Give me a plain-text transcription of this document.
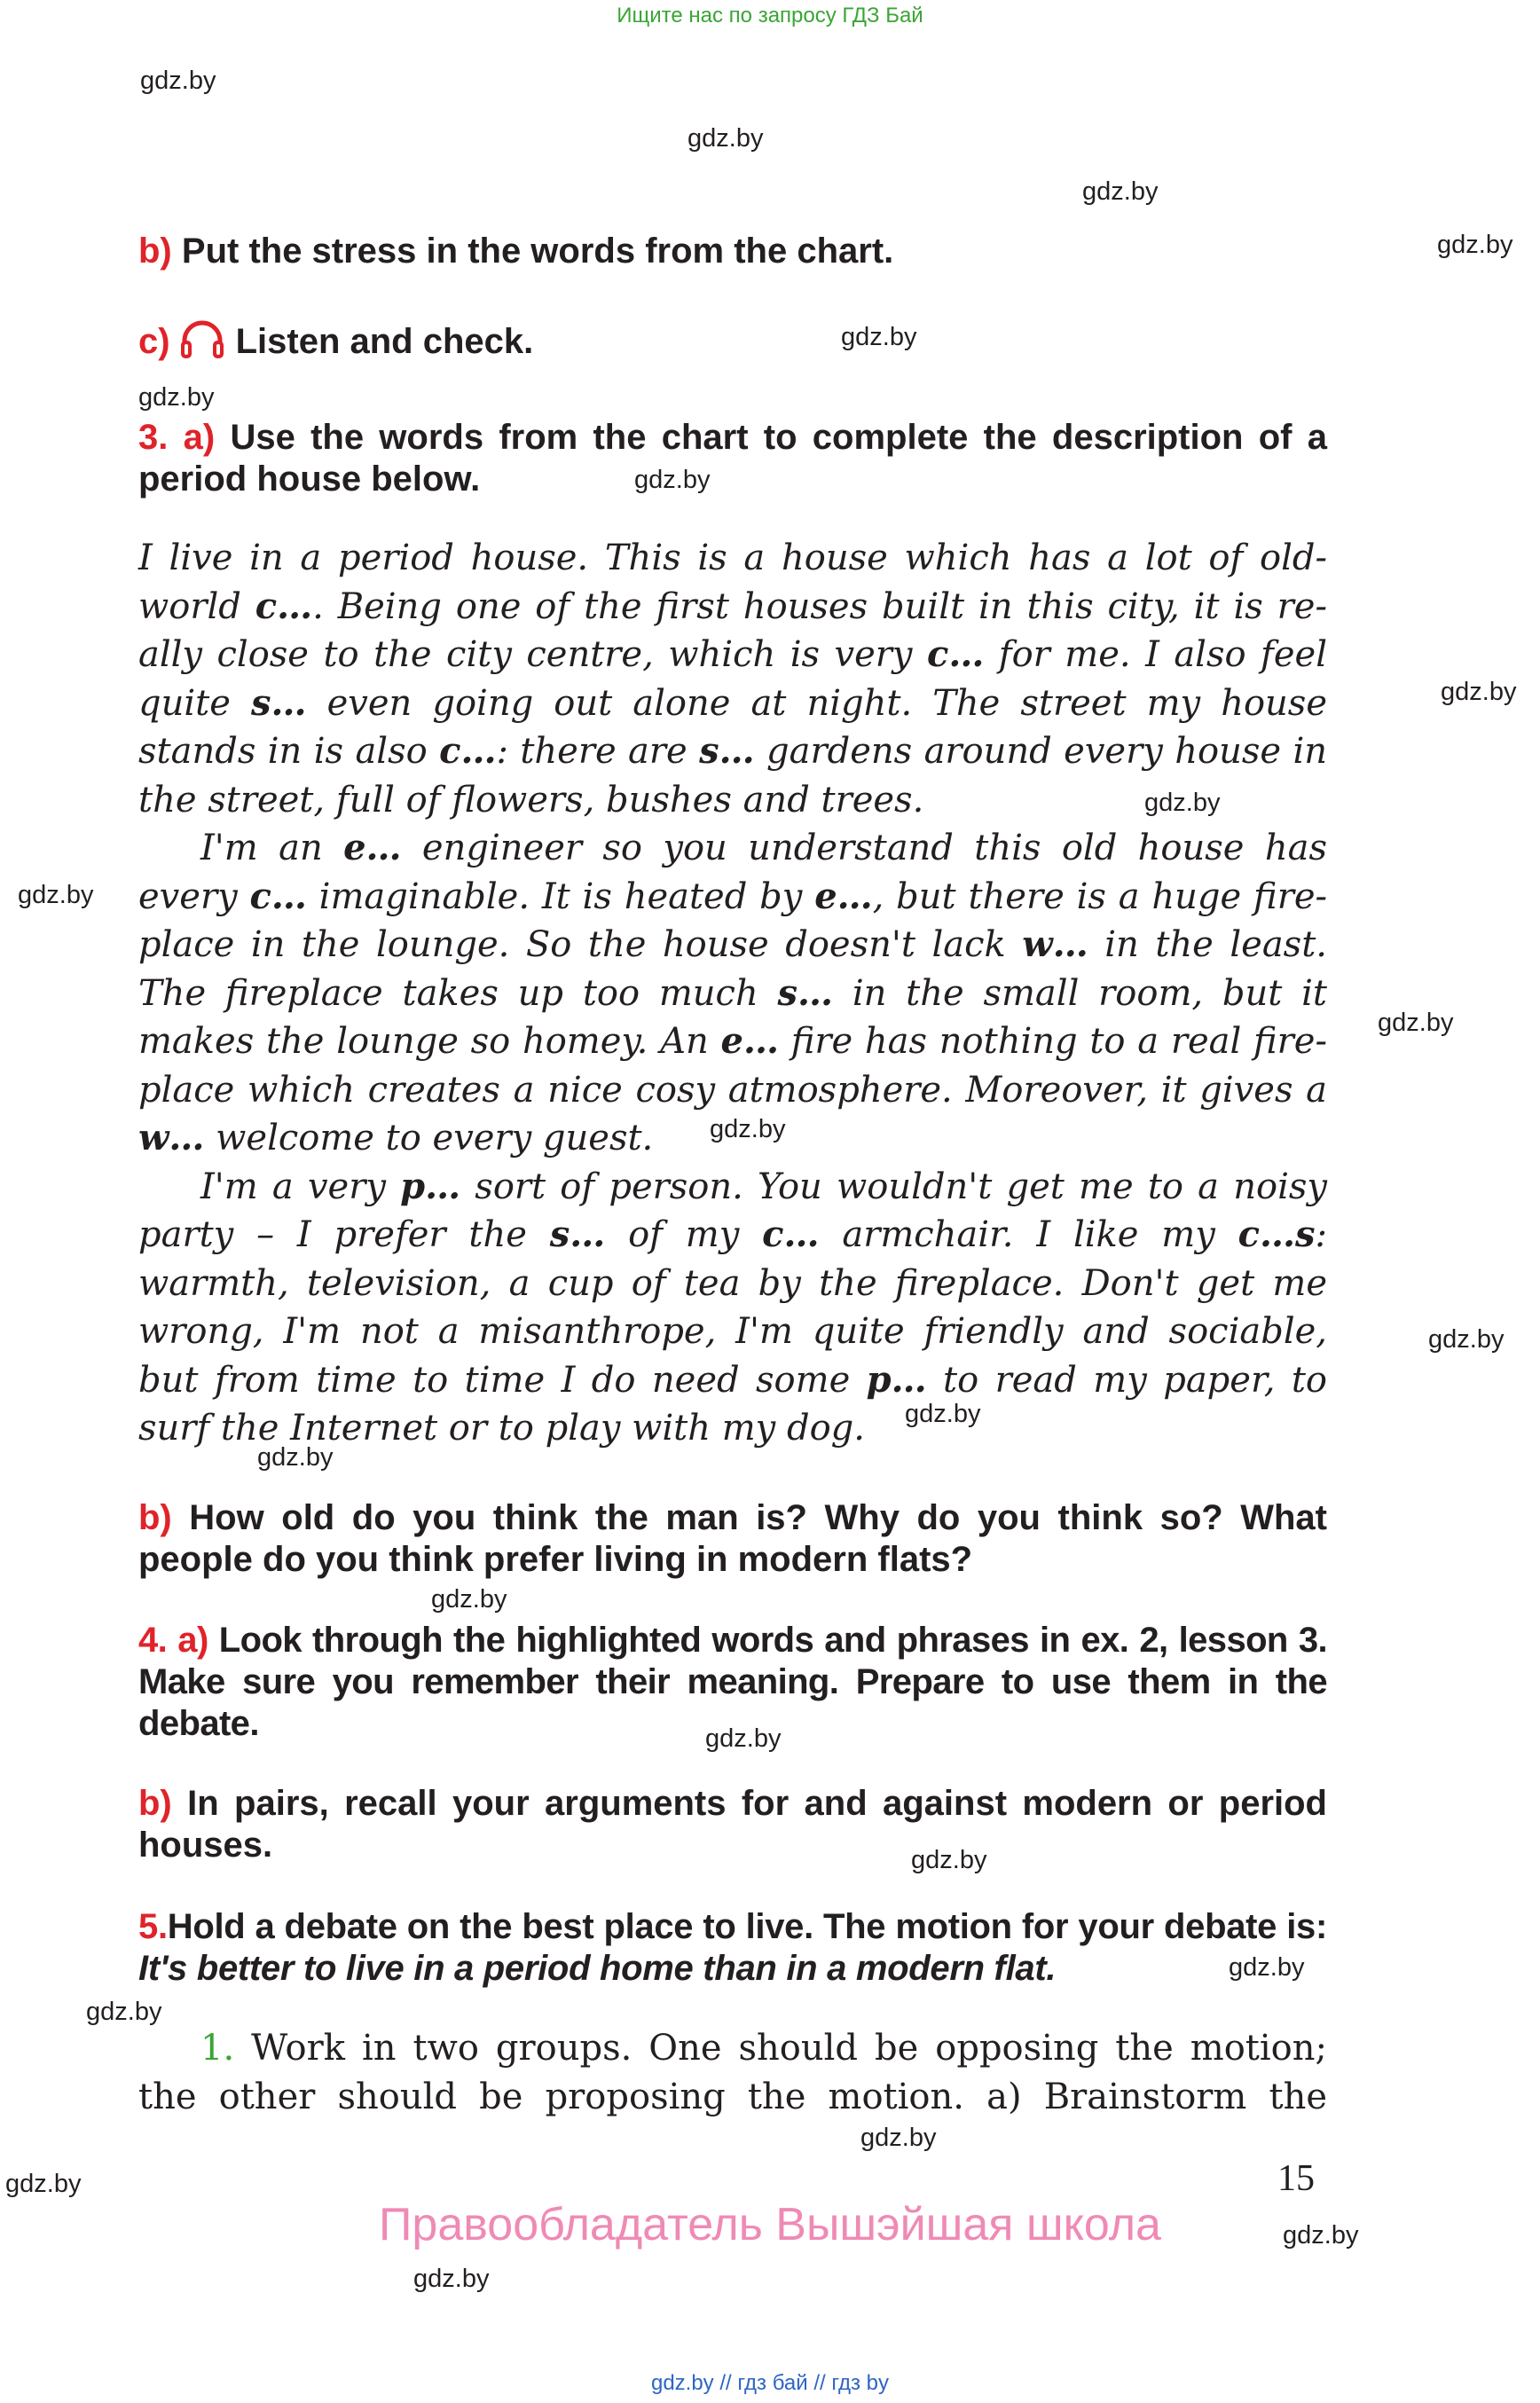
Ищите нас по запросу ГДЗ Бай
gdz.by
gdz.by
gdz.by
gdz.by
gdz.by
gdz.by
gdz.by
gdz.by
gdz.by
gdz.by
gdz.by
gdz.by
gdz.by
gdz.by
gdz.by
gdz.by
gdz.by
gdz.by
gdz.by
gdz.by
gdz.by
gdz.by
gdz.by
gdz.by
b) Put the stress in the words from the chart.
c) Listen and check.
3. a) Use the words from the chart to complete the description of a period house below.

I live in a period house. This is a house which has a lot of old-

world c…. Being one of the first houses built in this city, it is re-

ally close to the city centre, which is very c… for me. I also feel

quite s… even going out alone at night. The street my house

stands in is also c…: there are s… gardens around every house in

the street, full of flowers, bushes and trees.

I'm an e… engineer so you understand this old house has

every c… imaginable. It is heated by e…, but there is a huge fire-

place in the lounge. So the house doesn't lack w… in the least.

The fireplace takes up too much s… in the small room, but it

makes the lounge so homey. An e… fire has nothing to a real fire-

place which creates a nice cosy atmosphere. Moreover, it gives a

w… welcome to every guest.

I'm a very p… sort of person. You wouldn't get me to a noisy

party – I prefer the s… of my c… armchair. I like my c…s:

warmth, television, a cup of tea by the fireplace. Don't get me

wrong, I'm not a misanthrope, I'm quite friendly and sociable,

but from time to time I do need some p… to read my paper, to

surf the Internet or to play with my dog.

b) How old do you think the man is? Why do you think so? What people do you think prefer living in modern flats?
4. a) Look through the highlighted words and phrases in ex. 2, lesson 3. Make sure you remember their meaning. Prepare to use them in the debate.
b) In pairs, recall your arguments for and against modern or period houses.
5.Hold a debate on the best place to live. The motion for your debate is: It's better to live in a period home than in a modern flat.

1. Work in two groups. One should be opposing the motion;

the other should be proposing the motion. a) Brainstorm the

15
Правообладатель Вышэйшая школа
gdz.by // гдз бай // гдз by
